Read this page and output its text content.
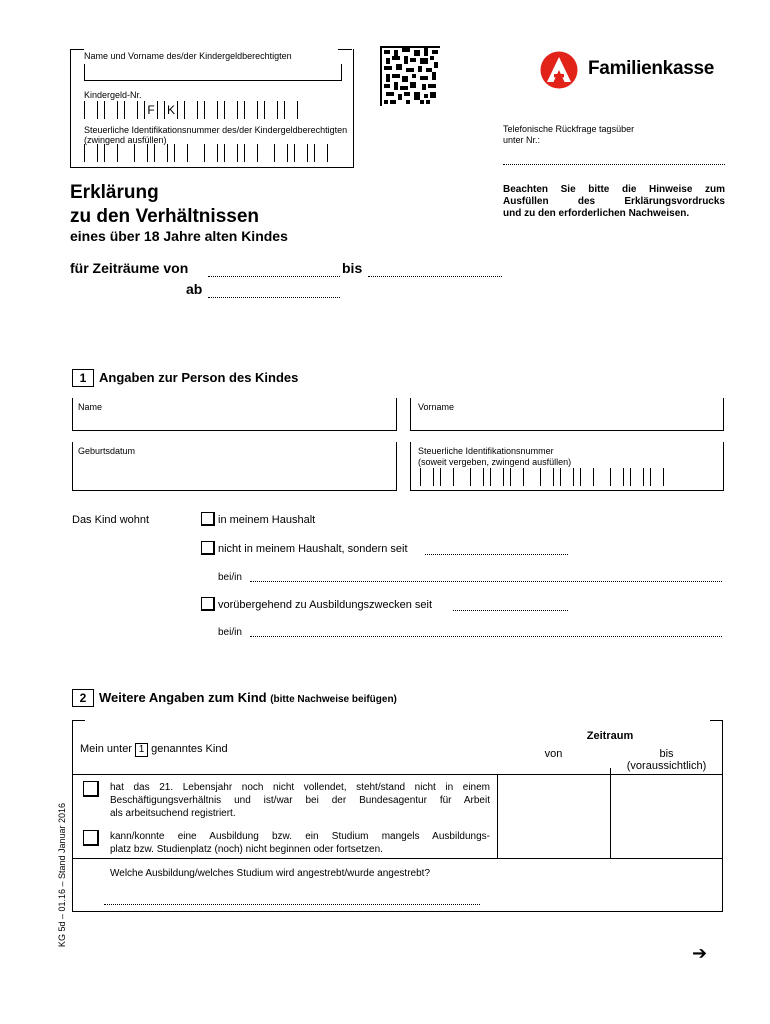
Name und Vorname des/der Kindergeldberechtigten
Kindergeld-Nr.
F K
Steuerliche Identifikationsnummer des/der Kindergeldberechtigten
(zwingend ausfüllen)
Familienkasse
Telefonische Rückfrage tagsüber
unter Nr.:
Beachten Sie bitte die Hinweise zum
Ausfüllen des Erklärungsvordrucks
und zu den erforderlichen Nachweisen.
Erklärung
zu den Verhältnissen
eines über 18 Jahre alten Kindes
für Zeiträume von	bis
ab
1 Angaben zur Person des Kindes
Name	Vorname
Geburtsdatum	Steuerliche Identifikationsnummer
(soweit vergeben, zwingend ausfüllen)
Das Kind wohnt	in meinem Haushalt
nicht in meinem Haushalt, sondern seit
bei/in
vorübergehend zu Ausbildungszwecken seit
bei/in
2 Weitere Angaben zum Kind (bitte Nachweise beifügen)
Mein unter 1 genanntes Kind
Zeitraum
von	bis
(voraussichtlich)
hat das 21. Lebensjahr noch nicht vollendet, steht/stand nicht in einem
Beschäftigungsverhältnis und ist/war bei der Bundesagentur für Arbeit
als arbeitsuchend registriert.
kann/konnte eine Ausbildung bzw. ein Studium mangels Ausbildungs-
platz bzw. Studienplatz (noch) nicht beginnen oder fortsetzen.
Welche Ausbildung/welches Studium wird angestrebt/wurde angestrebt?
KG 5d – 01.16 – Stand Januar 2016
➔
